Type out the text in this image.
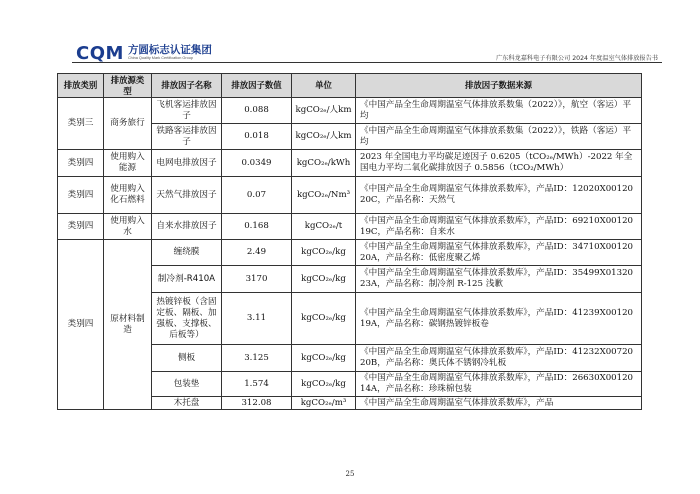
CQM 方圆标志认证集团
China Quality Mark Certification Group	广东科龙嘉科电子有限公司 2024 年度温室气体排放报告书
排放类别	排放源类型	排放因子名称	排放因子数值	单位	排放因子数据来源
类别三	商务旅行	飞机客运排放因子	0.088	kgCO₂ₑ/人km	《中国产品全生命周期温室气体排放系数集（2022）》，航空（客运）平均
		铁路客运排放因子	0.018	kgCO₂ₑ/人km	《中国产品全生命周期温室气体排放系数集（2022）》，铁路（客运）平均
类别四	使用购入能源	电网电排放因子	0.0349	kgCO₂ₑ/kWh	2023 年全国电力平均碳足迹因子 0.6205（tCO₂ₑ/MWh）-2022 年全国电力平均二氧化碳排放因子 0.5856（tCO₂/MWh）
类别四	使用购入化石燃料	天然气排放因子	0.07	kgCO₂ₑ/Nm³	《中国产品全生命周期温室气体排放系数库》，产品ID：12020X0012020C，产品名称：天然气
类别四	使用购入水	自来水排放因子	0.168	kgCO₂ₑ/t	《中国产品全生命周期温室气体排放系数库》，产品ID：69210X0012019C，产品名称：自来水
类别四	原材料制造	缠绕膜	2.49	kgCO₂ₑ/kg	《中国产品全生命周期温室气体排放系数库》，产品ID：34710X0012020A，产品名称：低密度聚乙烯
		制冷剂-R410A	3170	kgCO₂ₑ/kg	《中国产品全生命周期温室气体排放系数库》，产品ID：35499X0132023A，产品名称：制冷剂 R-125 浅歉
		热镀锌板（含固定板、隔板、加强板、支撑板、后板等）	3.11	kgCO₂ₑ/kg	《中国产品全生命周期温室气体排放系数库》，产品ID：41239X0012019A，产品名称：碳钢热镀锌板卷
		侧板	3.125	kgCO₂ₑ/kg	《中国产品全生命周期温室气体排放系数库》，产品ID：41232X0072020B，产品名称：奥氏体不锈钢冷轧板
		包装垫	1.574	kgCO₂ₑ/kg	《中国产品全生命周期温室气体排放系数库》，产品ID：26630X0012014A，产品名称：珍珠棉包装
		木托盘	312.08	kgCO₂ₑ/m³	《中国产品全生命周期温室气体排放系数库》，产品
25
